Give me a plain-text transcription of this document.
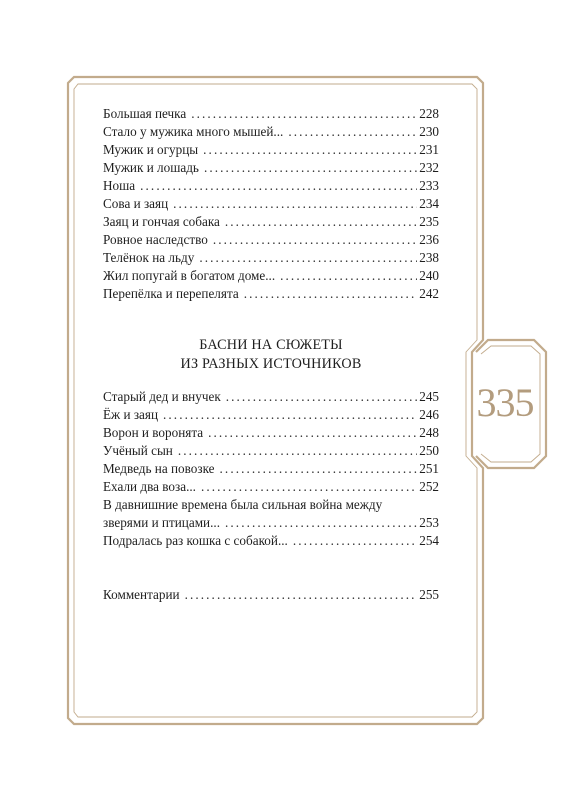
Большая печка . . .	228
Стало у мужика много мышей... . . .	230
Мужик и огурцы . . .	231
Мужик и лошадь . . .	232
Ноша . . .	233
Сова и заяц . . .	234
Заяц и гончая собака . . .	235
Ровное наследство . . .	236
Телёнок на льду . . .	238
Жил попугай в богатом доме... . . .	240
Перепёлка и перепелята . . .	242
БАСНИ НА СЮЖЕТЫ
ИЗ РАЗНЫХ ИСТОЧНИКОВ
Старый дед и внучек . . .	245
Ёж и заяц . . .	246
Ворон и воронята . . .	248
Учёный сын . . .	250
Медведь на повозке . . .	251
Ехали два воза... . . .	252
В давнишние времена была сильная война между
зверями и птицами... . . .	253
Подралась раз кошка с собакой... . . .	254
Комментарии . . .	255
335
